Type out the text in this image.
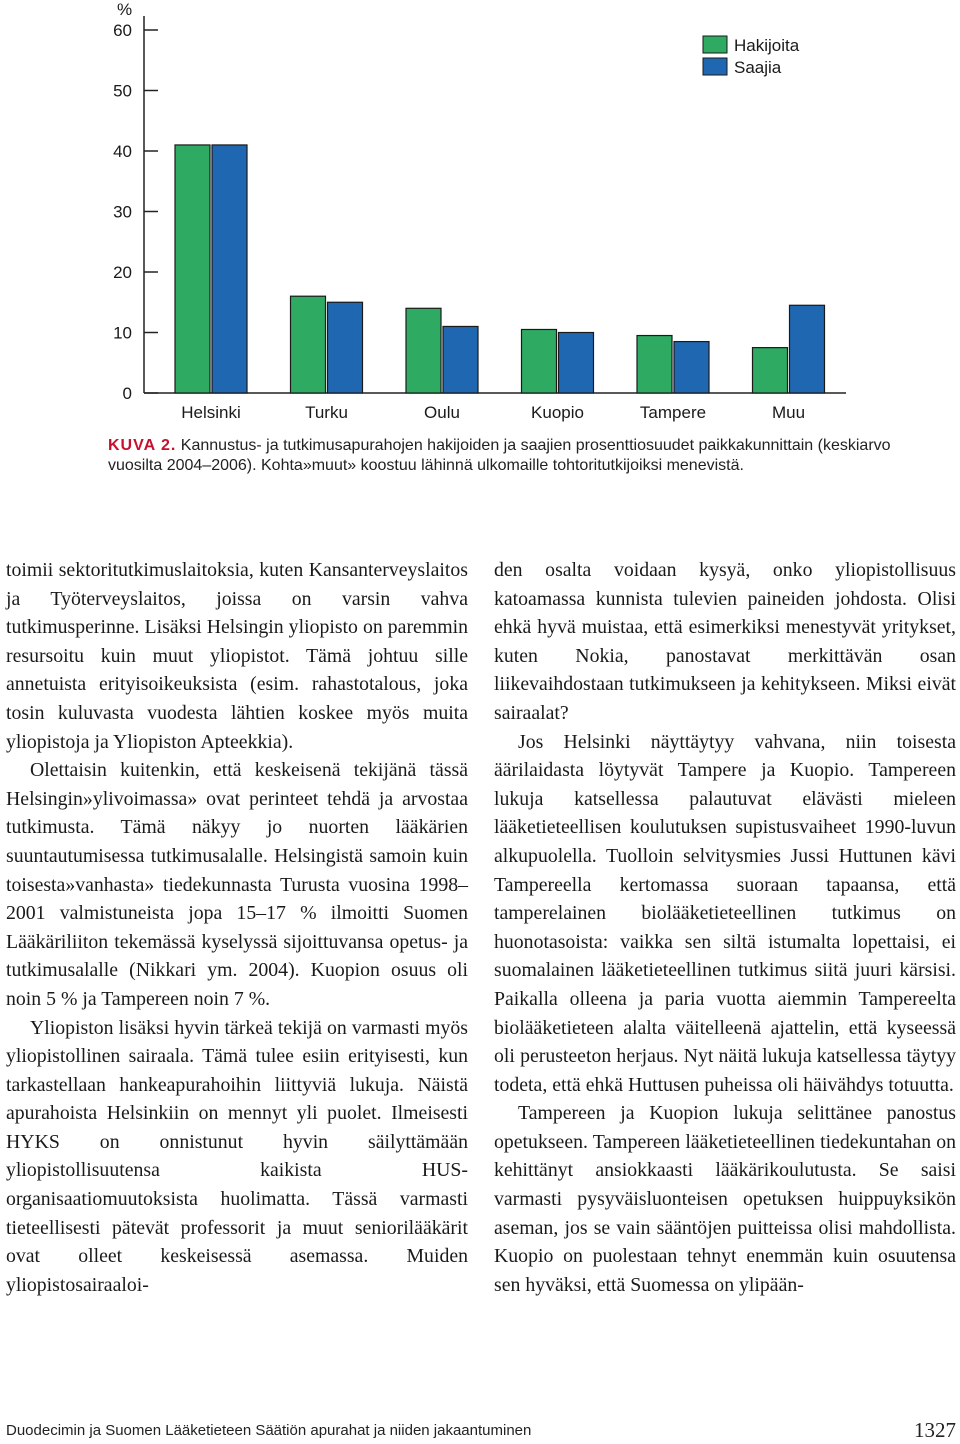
%
0
10
20
30
40
50
60
Helsinki	Turku	Oulu	Kuopio	Tampere	Muu
Hakijoita
Saajia
KUVA 2. Kannustus- ja tutkimusapurahojen hakijoiden ja saajien prosenttiosuudet paikkakunnittain (keskiarvo vuosilta 2004–2006). Kohta»muut» koostuu lähinnä ulkomaille tohtoritutkijoiksi menevistä.

toimii sektoritutkimuslaitoksia, kuten Kansanterveyslaitos ja Työterveyslaitos, joissa on varsin vahva tutkimusperinne. Lisäksi Helsingin yliopisto on paremmin resursoitu kuin muut yliopistot. Tämä johtuu sille annetuista erityisoikeuksista (esim. rahastotalous, joka tosin kuluvasta vuodesta lähtien koskee myös muita yliopistoja ja Yliopiston Apteekkia).

Olettaisin kuitenkin, että keskeisenä tekijänä tässä Helsingin»ylivoimassa» ovat perinteet tehdä ja arvostaa tutkimusta. Tämä näkyy jo nuorten lääkärien suuntautumisessa tutkimusalalle. Helsingistä samoin kuin toisesta»vanhasta» tiedekunnasta Turusta vuosina 1998–2001 valmistuneista jopa 15–17 % ilmoitti Suomen Lääkäriliiton tekemässä kyselyssä sijoittuvansa opetus- ja tutkimusalalle (Nikkari ym. 2004). Kuopion osuus oli noin 5 % ja Tampereen noin 7 %.

Yliopiston lisäksi hyvin tärkeä tekijä on varmasti myös yliopistollinen sairaala. Tämä tulee esiin erityisesti, kun tarkastellaan hankeapurahoihin liittyviä lukuja. Näistä apurahoista Helsinkiin on mennyt yli puolet. Ilmeisesti HYKS on onnistunut hyvin säilyttämään yliopistollisuutensa kaikista HUS-organisaatiomuutoksista huolimatta. Tässä varmasti tieteellisesti pätevät professorit ja muut seniorilääkärit ovat olleet keskeisessä asemassa. Muiden yliopistosairaaloi-

den osalta voidaan kysyä, onko yliopistollisuus katoamassa kunnista tulevien paineiden johdosta. Olisi ehkä hyvä muistaa, että esimerkiksi menestyvät yritykset, kuten Nokia, panostavat merkittävän osan liikevaihdostaan tutkimukseen ja kehitykseen. Miksi eivät sairaalat?

Jos Helsinki näyttäytyy vahvana, niin toisesta äärilaidasta löytyvät Tampere ja Kuopio. Tampereen lukuja katsellessa palautuvat elävästi mieleen lääketieteellisen koulutuksen supistusvaiheet 1990-luvun alkupuolella. Tuolloin selvitysmies Jussi Huttunen kävi Tampereella kertomassa suoraan tapaansa, että tamperelainen biolääketieteellinen tutkimus on huonotasoista: vaikka sen siltä istumalta lopettaisi, ei suomalainen lääketieteellinen tutkimus siitä juuri kärsisi. Paikalla olleena ja paria vuotta aiemmin Tampereelta biolääketieteen alalta väitelleenä ajattelin, että kyseessä oli perusteeton herjaus. Nyt näitä lukuja katsellessa täytyy todeta, että ehkä Huttusen puheissa oli häivähdys totuutta.

Tampereen ja Kuopion lukuja selittänee panostus opetukseen. Tampereen lääketieteellinen tiedekuntahan on kehittänyt ansiokkaasti lääkärikoulutusta. Se saisi varmasti pysyväisluonteisen opetuksen huippuyksikön aseman, jos se vain sääntöjen puitteissa olisi mahdollista. Kuopio on puolestaan tehnyt enemmän kuin osuutensa sen hyväksi, että Suomessa on ylipään-

Duodecimin ja Suomen Lääketieteen Säätiön apurahat ja niiden jakaantuminen	1327
